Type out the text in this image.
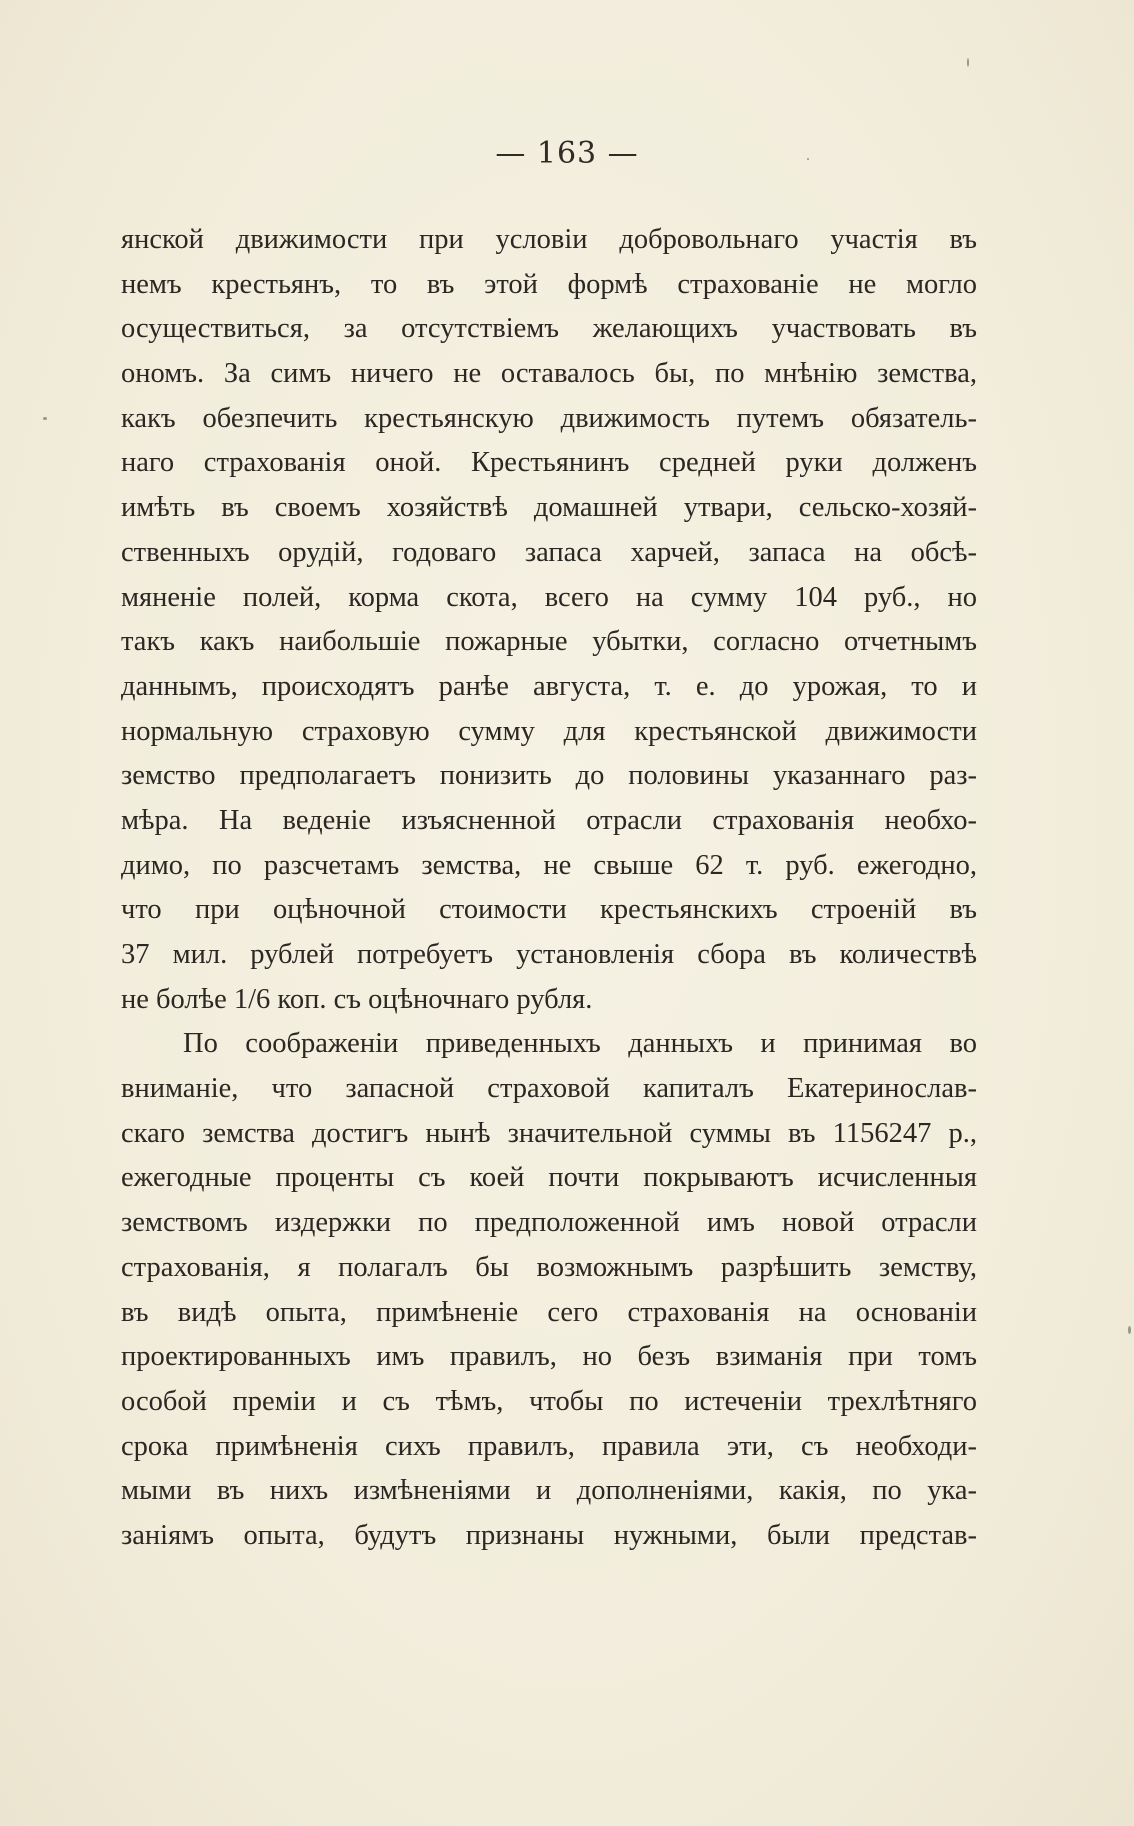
— 163 —
янской движимости при условіи добровольнаго участія въ
немъ крестьянъ, то въ этой формѣ страхованіе не могло
осуществиться, за отсутствіемъ желающихъ участвовать въ
ономъ. За симъ ничего не оставалось бы, по мнѣнію земства,
какъ обезпечить крестьянскую движимость путемъ обязатель-
наго страхованія оной. Крестьянинъ средней руки долженъ
имѣть въ своемъ хозяйствѣ домашней утвари, сельско-хозяй-
ственныхъ орудій, годоваго запаса харчей, запаса на обсѣ-
мяненіе полей, корма скота, всего на сумму 104 руб., но
такъ какъ наибольшіе пожарные убытки, согласно отчетнымъ
даннымъ, происходятъ ранѣе августа, т. е. до урожая, то и
нормальную страховую сумму для крестьянской движимости
земство предполагаетъ понизить до половины указаннаго раз-
мѣра. На веденіе изъясненной отрасли страхованія необхо-
димо, по разсчетамъ земства, не свыше 62 т. руб. ежегодно,
что при оцѣночной стоимости крестьянскихъ строеній въ
37 мил. рублей потребуетъ установленія сбора въ количествѣ
не болѣе 1/6 коп. съ оцѣночнаго рубля.
По соображеніи приведенныхъ данныхъ и принимая во
вниманіе, что запасной страховой капиталъ Екатеринослав-
скаго земства достигъ нынѣ значительной суммы въ 1156247 р.,
ежегодные проценты съ коей почти покрываютъ исчисленныя
земствомъ издержки по предположенной имъ новой отрасли
страхованія, я полагалъ бы возможнымъ разрѣшить земству,
въ видѣ опыта, примѣненіе сего страхованія на основаніи
проектированныхъ имъ правилъ, но безъ взиманія при томъ
особой преміи и съ тѣмъ, чтобы по истеченіи трехлѣтняго
срока примѣненія сихъ правилъ, правила эти, съ необходи-
мыми въ нихъ измѣненіями и дополненіями, какія, по ука-
заніямъ опыта, будутъ признаны нужными, были представ-
